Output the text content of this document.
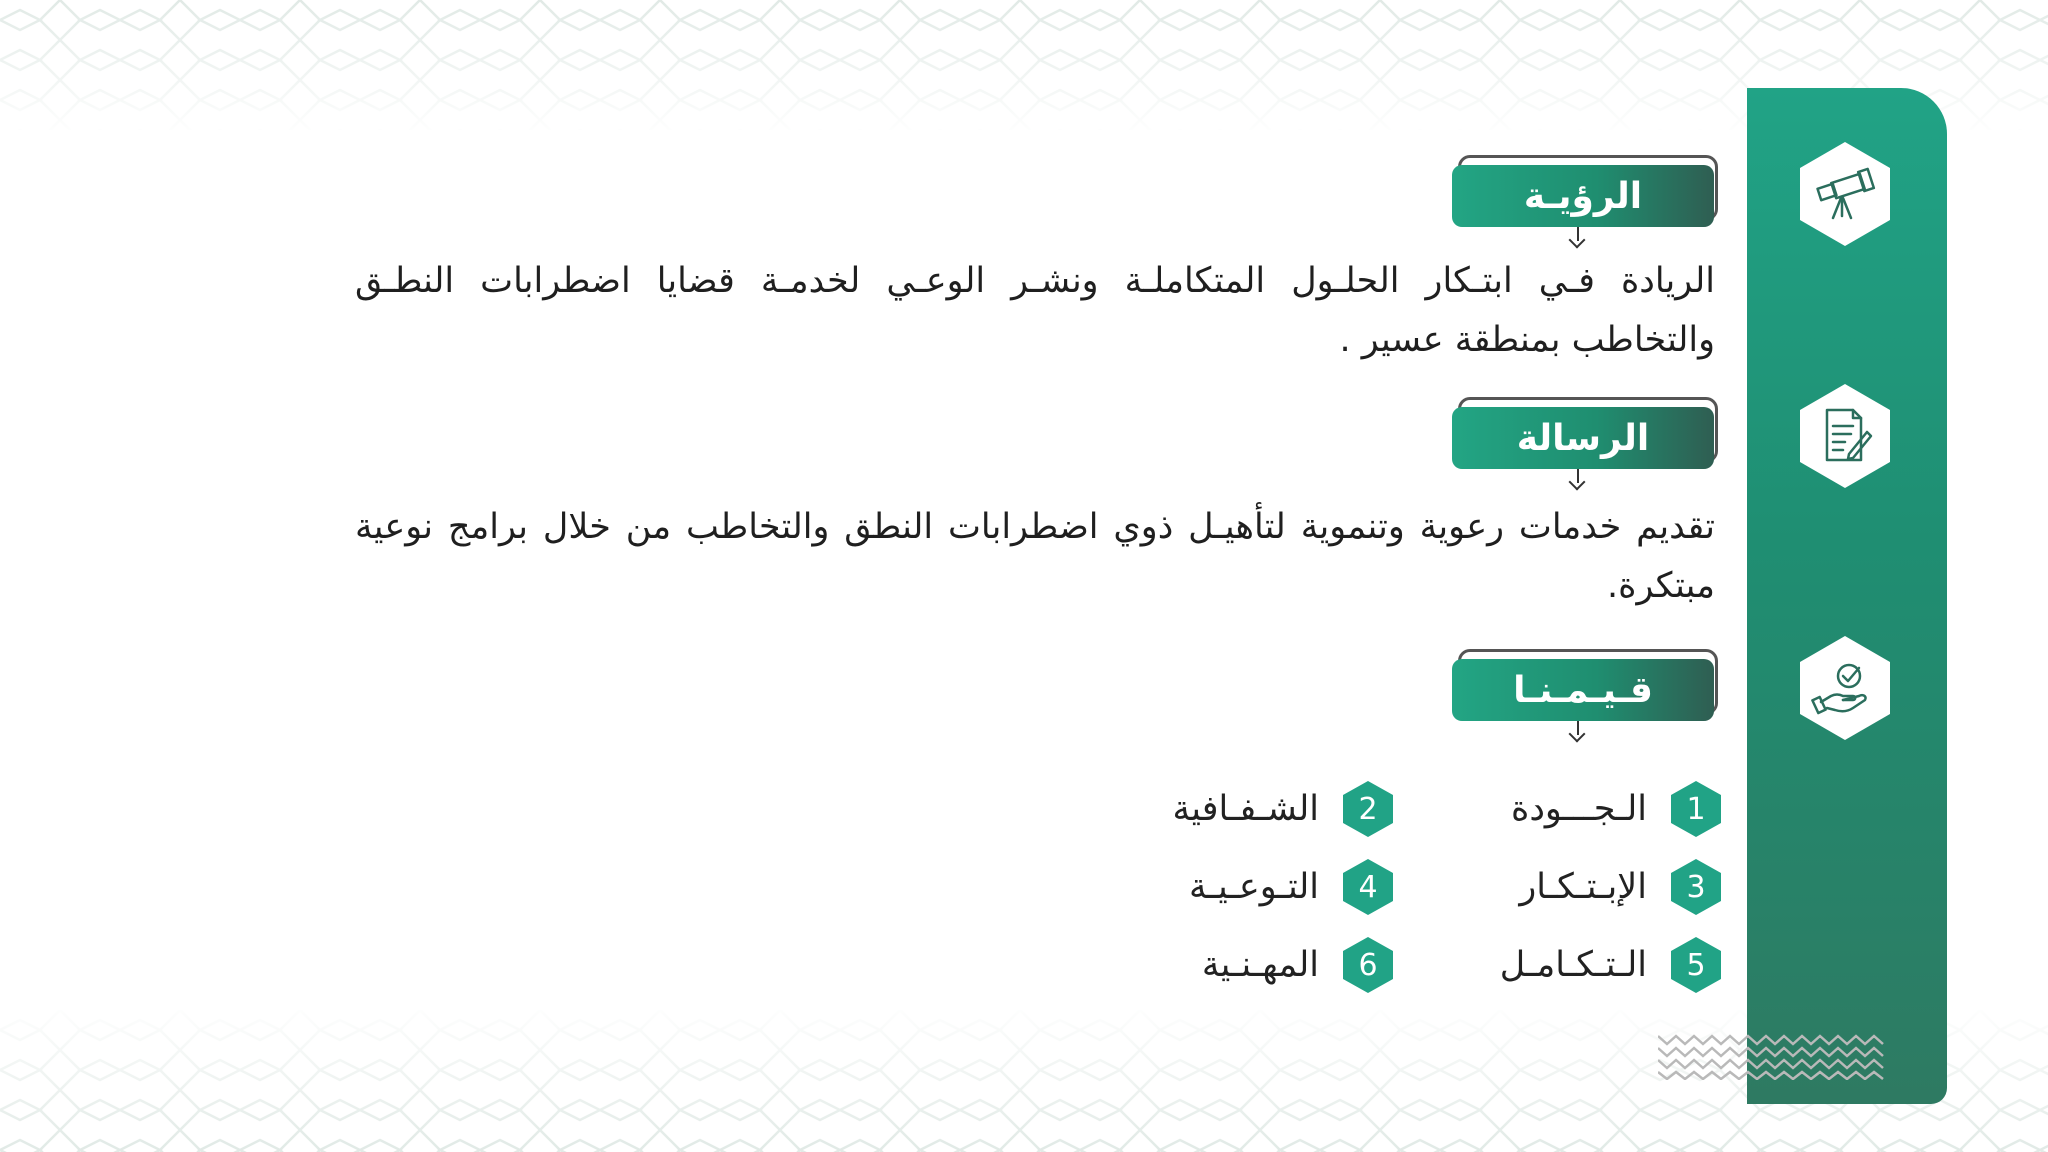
الرؤيـة
الريادة فـي ابتـكار الحلـول المتكاملـة ونشـر الوعـي لخدمـة قضايا اضطرابات النطـق والتخاطب بمنطقة عسير .
الرسالة
تقديم خدمات رعوية وتنموية لتأهيـل ذوي اضطرابات النطق والتخاطب من خلال برامج نوعية مبتكرة.
قـيـمـنـا
1
الـجـــودة
3
الإبـتـكـار
5
الـتـكـامـل
2
الشـفـافية
4
التـوعـيـة
6
المهـنـية
